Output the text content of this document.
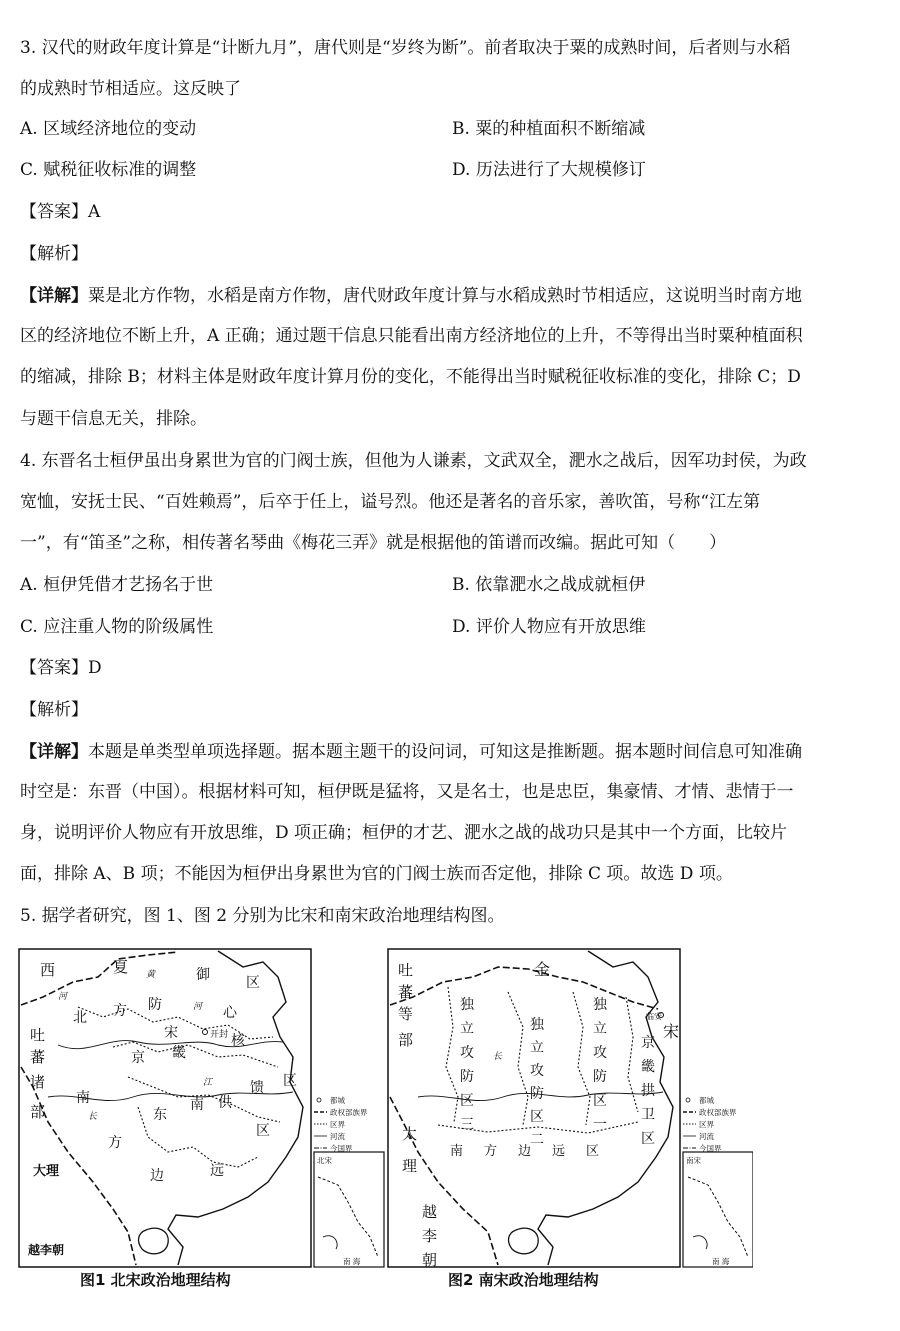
3. 汉代的财政年度计算是“计断九月”，唐代则是“岁终为断”。前者取决于粟的成熟时间，后者则与水稻
的成熟时节相适应。这反映了
A. 区域经济地位的变动	B. 粟的种植面积不断缩减
C. 赋税征收标准的调整	D. 历法进行了大规模修订
【答案】A
【解析】
【详解】粟是北方作物，水稻是南方作物，唐代财政年度计算与水稻成熟时节相适应，这说明当时南方地
区的经济地位不断上升，A 正确；通过题干信息只能看出南方经济地位的上升，不等得出当时粟种植面积
的缩减，排除 B；材料主体是财政年度计算月份的变化，不能得出当时赋税征收标准的变化，排除 C；D
与题干信息无关，排除。
4. 东晋名士桓伊虽出身累世为官的门阀士族，但他为人谦素，文武双全，淝水之战后，因军功封侯，为政
宽恤，安抚士民、“百姓赖焉”，后卒于任上，谥号烈。他还是著名的音乐家，善吹笛，号称“江左第
一”，有“笛圣”之称，相传著名琴曲《梅花三弄》就是根据他的笛谱而改编。据此可知（　　）
A. 桓伊凭借才艺扬名于世	B. 依靠淝水之战成就桓伊
C. 应注重人物的阶级属性	D. 评价人物应有开放思维
【答案】D
【解析】
【详解】本题是单类型单项选择题。据本题主题干的设问词，可知这是推断题。据本题时间信息可知准确
时空是：东晋（中国）。根据材料可知，桓伊既是猛将，又是名士，也是忠臣，集豪情、才情、悲情于一
身，说明评价人物应有开放思维，D 项正确；桓伊的才艺、淝水之战的战功只是其中一个方面，比较片
面，排除 A、B 项；不能因为桓伊出身累世为官的门阀士族而否定他，排除 C 项。故选 D 项。
5. 据学者研究，图 1、图 2 分别为比宋和南宋政治地理结构图。
西	夏 黄	御	区
防	河 心
北 方
宋	开封 核
吐
蕃	京 畿
诸
南
江	馈 区
部	长	东
南 供
方
区
大理	边	远
越李朝
河
北宋
南 海
都城
政权部族界
区界
河流
今国界
吐	金
蕃
独
立
攻
等
防
独
部
区
立
三
攻
长
防
区
二
独
立
攻
防
区
一
临安
宋
京
畿
拱
卫
区
太
南 方 边 远 区
理
越
李
朝
南宋
南 海
都城
政权部族界
区界
河流
今国界
图1 北宋政治地理结构	图2 南宋政治地理结构
